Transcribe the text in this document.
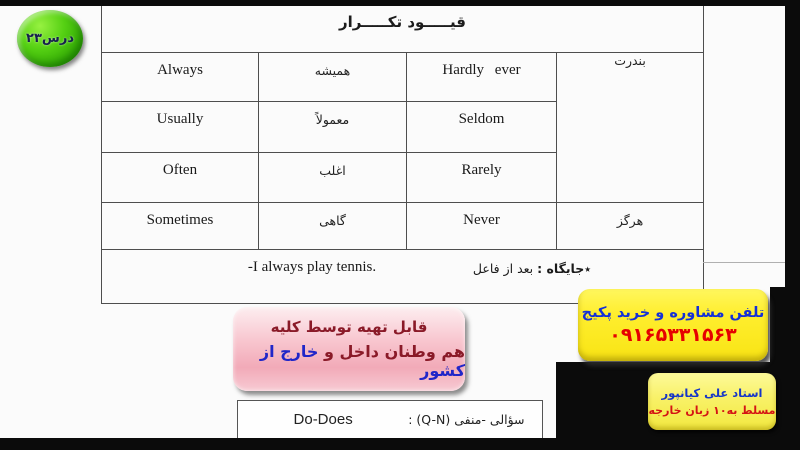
قیـــــود تکـــــرار			
Always	همیشه	Hardly ever	بندرت
Usually	معمولاً	Seldom	
Often	اغلب	Rarely	
Sometimes	گاهی	Never	هرگز

-I always play tennis. ٭جایگاه : بعد از فاعل			
درس۲۳
قابل تهیه توسط کلیه
هم وطنان داخل و خارج از کشور
تلفن مشاوره و خرید پکیج
۰۹۱۶۵۳۳۱۵۶۳
استاد علی کیانپور
مسلط به۱۰ زبان خارجه
Do-Does	سؤالی -منفی (Q-N) :
